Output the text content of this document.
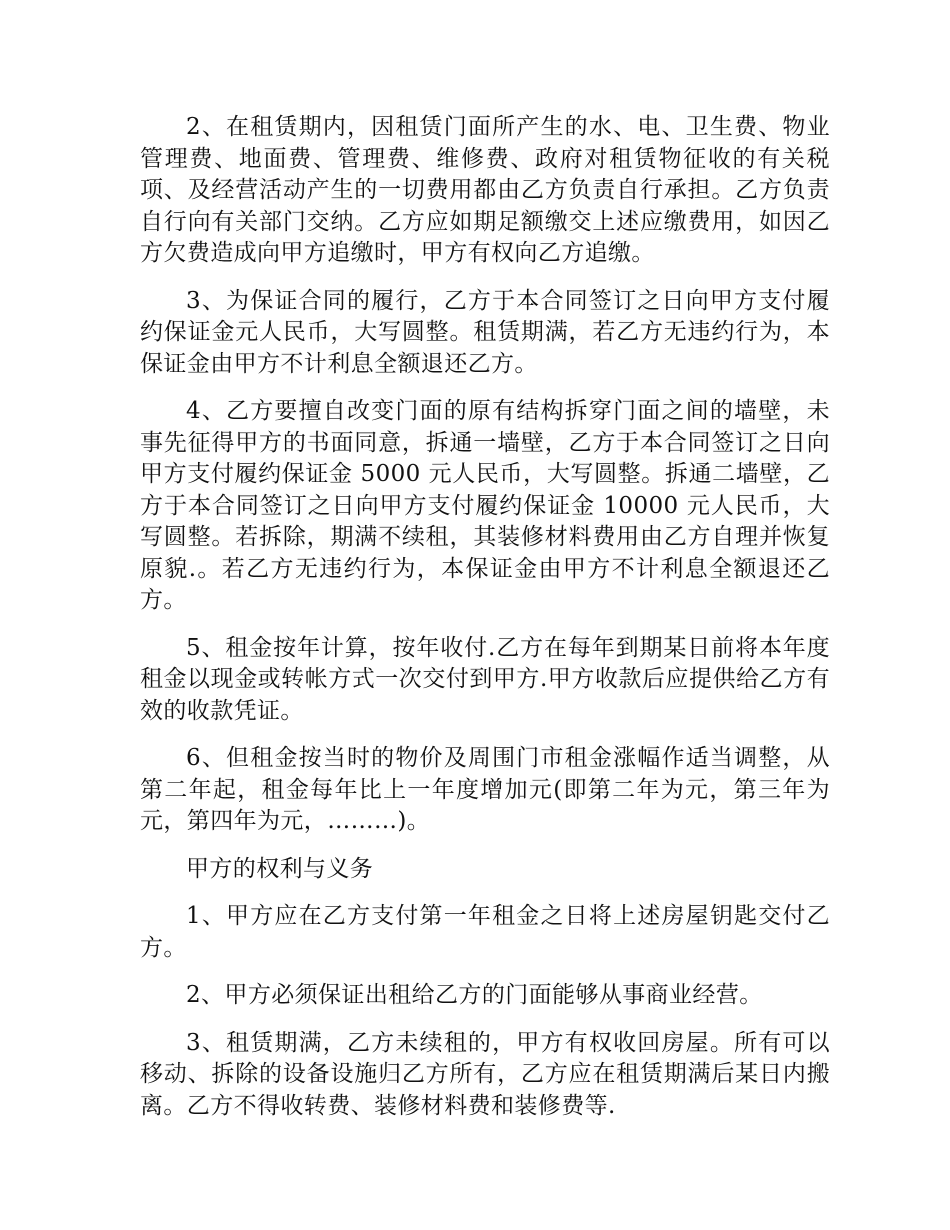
2、在租赁期内，因租赁门面所产生的水、电、卫生费、物业管理费、地面费、管理费、维修费、政府对租赁物征收的有关税项、及经营活动产生的一切费用都由乙方负责自行承担。乙方负责自行向有关部门交纳。乙方应如期足额缴交上述应缴费用，如因乙方欠费造成向甲方追缴时，甲方有权向乙方追缴。

3、为保证合同的履行，乙方于本合同签订之日向甲方支付履约保证金元人民币，大写圆整。租赁期满，若乙方无违约行为，本保证金由甲方不计利息全额退还乙方。

4、乙方要擅自改变门面的原有结构拆穿门面之间的墙壁，未事先征得甲方的书面同意，拆通一墙壁，乙方于本合同签订之日向甲方支付履约保证金 5000 元人民币，大写圆整。拆通二墙壁，乙方于本合同签订之日向甲方支付履约保证金 10000 元人民币，大写圆整。若拆除，期满不续租，其装修材料费用由乙方自理并恢复原貌.。若乙方无违约行为，本保证金由甲方不计利息全额退还乙方。

5、租金按年计算，按年收付.乙方在每年到期某日前将本年度租金以现金或转帐方式一次交付到甲方.甲方收款后应提供给乙方有效的收款凭证。

6、但租金按当时的物价及周围门市租金涨幅作适当调整，从第二年起，租金每年比上一年度增加元(即第二年为元，第三年为元，第四年为元，………)。

甲方的权利与义务

1、甲方应在乙方支付第一年租金之日将上述房屋钥匙交付乙方。

2、甲方必须保证出租给乙方的门面能够从事商业经营。

3、租赁期满，乙方未续租的，甲方有权收回房屋。所有可以移动、拆除的设备设施归乙方所有，乙方应在租赁期满后某日内搬离。乙方不得收转费、装修材料费和装修费等.
